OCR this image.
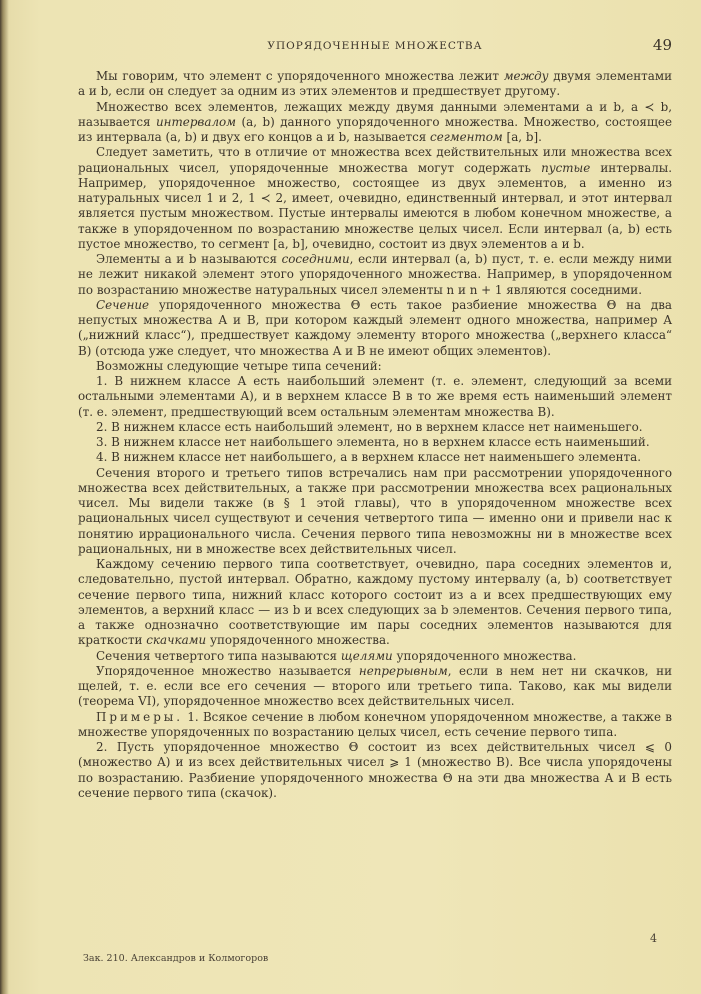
УПОРЯДОЧЕННЫЕ МНОЖЕСТВА	49

Мы говорим, что элемент c упорядоченного множества лежит между двумя элементами a и b, если он следует за одним из этих элементов и предшествует другому.

Множество всех элементов, лежащих между двумя данными элементами a и b, a ≺ b, называется интервалом (a, b) данного упорядоченного множества. Множество, состоящее из интервала (a, b) и двух его концов a и b, называется сегментом [a, b].

Следует заметить, что в отличие от множества всех действительных или множества всех рациональных чисел, упорядоченные множества могут содержать пустые интервалы. Например, упорядоченное множество, состоящее из двух элементов, а именно из натуральных чисел 1 и 2, 1 ≺ 2, имеет, очевидно, единственный интервал, и этот интервал является пустым множеством. Пустые интервалы имеются в любом конечном множестве, а также в упорядоченном по возрастанию множестве целых чисел. Если интервал (a, b) есть пустое множество, то сегмент [a, b], очевидно, состоит из двух элементов a и b.

Элементы a и b называются соседними, если интервал (a, b) пуст, т. е. если между ними не лежит никакой элемент этого упорядоченного множества. Например, в упорядоченном по возрастанию множестве натуральных чисел элементы n и n + 1 являются соседними.

Сечение упорядоченного множества Θ есть такое разбиение множества Θ на два непустых множества A и B, при котором каждый элемент одного множества, например A („нижний класс“), предшествует каждому элементу второго множества („верхнего класса“ B) (отсюда уже следует, что множества A и B не имеют общих элементов).

Возможны следующие четыре типа сечений:

1. В нижнем классе A есть наибольший элемент (т. е. элемент, следующий за всеми остальными элементами A), и в верхнем классе B в то же время есть наименьший элемент (т. е. элемент, предшествующий всем остальным элементам множества B).

2. В нижнем классе есть наибольший элемент, но в верхнем классе нет наименьшего.

3. В нижнем классе нет наибольшего элемента, но в верхнем классе есть наименьший.

4. В нижнем классе нет наибольшего, а в верхнем классе нет наименьшего элемента.

Сечения второго и третьего типов встречались нам при рассмотрении упорядоченного множества всех действительных, а также при рассмотрении множества всех рациональных чисел. Мы видели также (в § 1 этой главы), что в упорядоченном множестве всех рациональных чисел существуют и сечения четвертого типа — именно они и привели нас к понятию иррационального числа. Сечения первого типа невозможны ни в множестве всех рациональных, ни в множестве всех действительных чисел.

Каждому сечению первого типа соответствует, очевидно, пара соседних элементов и, следовательно, пустой интервал. Обратно, каждому пустому интервалу (a, b) соответствует сечение первого типа, нижний класс которого состоит из a и всех предшествующих ему элементов, а верхний класс — из b и всех следующих за b элементов. Сечения первого типа, а также однозначно соответствующие им пары соседних элементов называются для краткости скачками упорядоченного множества.

Сечения четвертого типа называются щелями упорядоченного множества.

Упорядоченное множество называется непрерывным, если в нем нет ни скачков, ни щелей, т. е. если все его сечения — второго или третьего типа. Таково, как мы видели (теорема VI), упорядоченное множество всех действительных чисел.

Примеры. 1. Всякое сечение в любом конечном упорядоченном множестве, а также в множестве упорядоченных по возрастанию целых чисел, есть сечение первого типа.

2. Пусть упорядоченное множество Θ состоит из всех действительных чисел ⩽ 0 (множество A) и из всех действительных чисел ⩾ 1 (множество B). Все числа упорядочены по возрастанию. Разбиение упорядоченного множества Θ на эти два множества A и B есть сечение первого типа (скачок).

4
Зак. 210. Александров и Колмогоров
